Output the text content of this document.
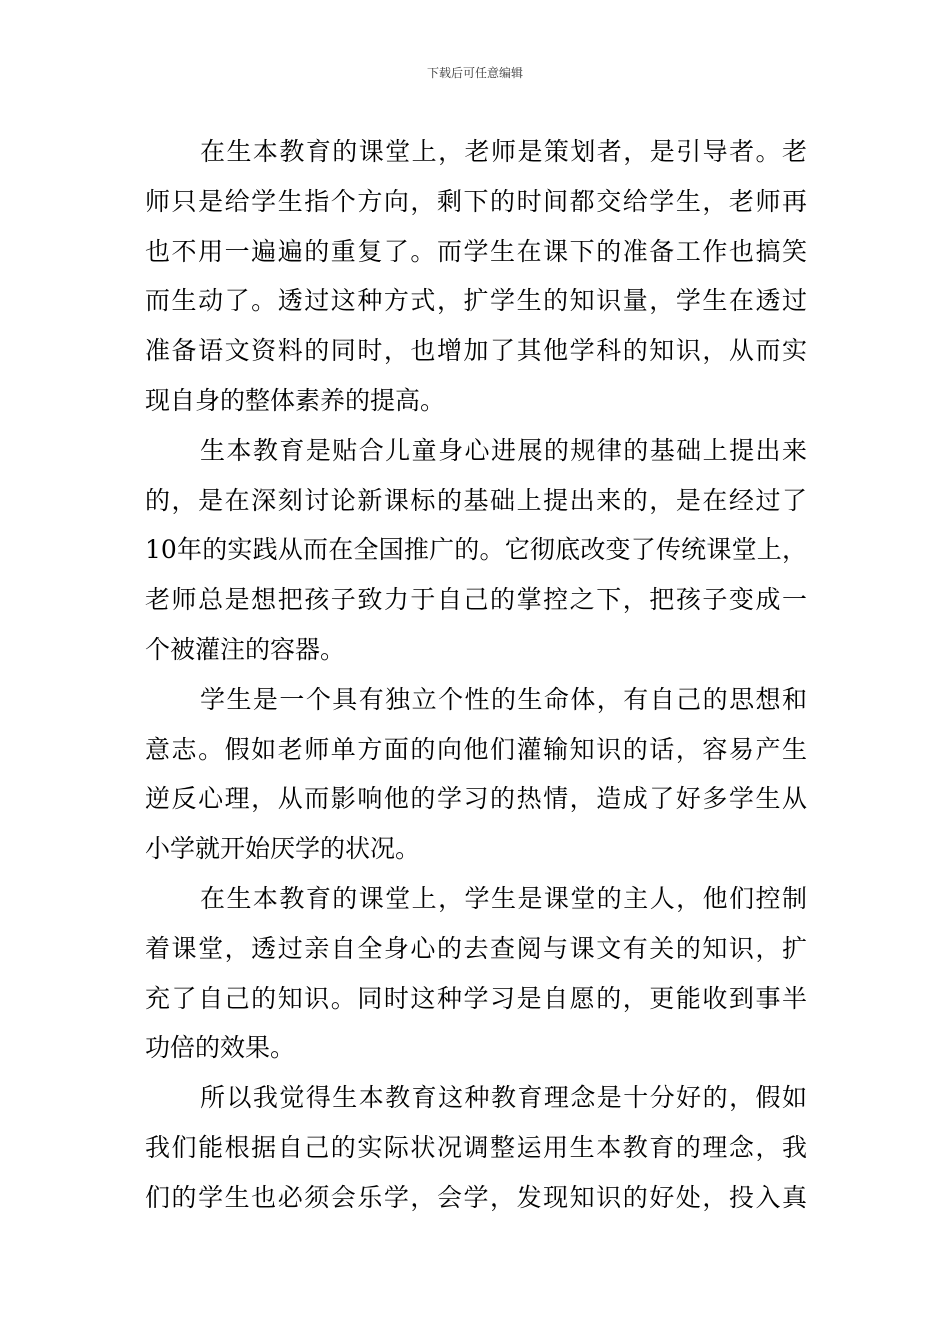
下载后可任意编辑

在生本教育的课堂上，老师是策划者，是引导者。老
师只是给学生指个方向，剩下的时间都交给学生，老师再
也不用一遍遍的重复了。而学生在课下的准备工作也搞笑
而生动了。透过这种方式，扩学生的知识量，学生在透过
准备语文资料的同时，也增加了其他学科的知识，从而实
现自身的整体素养的提高。

生本教育是贴合儿童身心进展的规律的基础上提出来
的，是在深刻讨论新课标的基础上提出来的，是在经过了
10年的实践从而在全国推广的。它彻底改变了传统课堂上，
老师总是想把孩子致力于自己的掌控之下，把孩子变成一
个被灌注的容器。

学生是一个具有独立个性的生命体，有自己的思想和
意志。假如老师单方面的向他们灌输知识的话，容易产生
逆反心理，从而影响他的学习的热情，造成了好多学生从
小学就开始厌学的状况。

在生本教育的课堂上，学生是课堂的主人，他们控制
着课堂，透过亲自全身心的去查阅与课文有关的知识，扩
充了自己的知识。同时这种学习是自愿的，更能收到事半
功倍的效果。

所以我觉得生本教育这种教育理念是十分好的，假如
我们能根据自己的实际状况调整运用生本教育的理念，我
们的学生也必须会乐学，会学，发现知识的好处，投入真
